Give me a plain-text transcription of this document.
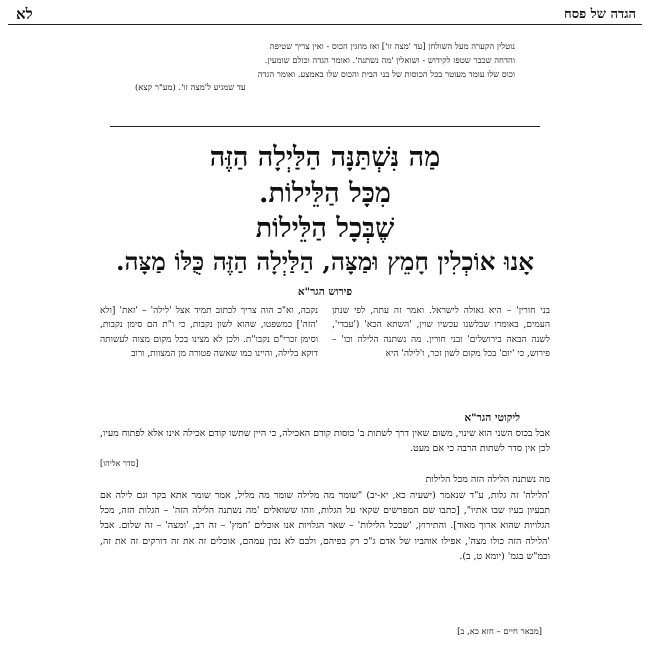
הגדה של פסח
לא

נוטלין הקערה מעל השולחן [עד 'מצה זו'] ואז מוזגין הכוס - ואין צריך שטיפה

והדחה שכבר שטפו לקידוש - ושואלין 'מה נשתנה'. ואומר הגדה וכולם שומעין.

וכוס שלו עומד מעוטר בכל הכוסות של בני הבית והכוס שלו באמצע. ואומר הגדה

עד שמגיע ל'מצה זו'. (מע"ר קצא)

מַה נִּשְׁתַּנָּה הַלַּיְלָה הַזֶּה
מִכָּל הַלֵּילוֹת.
שֶׁבְּכָל הַלֵּילוֹת
אָנוּ אוֹכְלִין חָמֵץ וּמַצָּה, הַלַּיְלָה הַזֶּה כֻּלּוֹ מַצָּה.
פירוש הגר"א

בני חורין' – היא גאולה לישראל. ואמר זה עתה, לפי שנתן העמים, באומרו שבלשנו עכשיו שוין, 'השתא הכא' ('עבדי', לשנה הבאה בירושלים' ובני חורין. מה נשתנה הלילה וכו' – פירוש, כי 'יום' בכל מקום לשון זכר, ו'לילה' היא

נקבה, וא"כ הוה צריך לכתוב תמיד אצל 'לילה' – 'זאת' [ולא 'הזה'] כמשפטו, שהוא לשון נקבות, כי ו"ת הם סימן נקבות, וסימן זכרי"ם נקבו"ת. ולכן לא מצינו בכל מקום מצוה לעשותה דוקא בלילה, והיינו כמו שאשה פטורה מן המצוות, ורוב

ליקוטי הגר"א

אבל בכוס השני הוא שינוי, משום שאין דרך לשתות ב' כוסות קודם האכילה, כי היין שתשו קודם אכילה אינו אלא לפתוח מעיו, לכן אין סדר לשתות הרבה כי אם מעט.

[סדר אליהו]

מה נשתנה הלילה הזה מכל הלילות

'הלילה' זה גלות, ע"ד שנאמר (ישעיה כא, יא-יב) "שומר מה מלילה שומר מה מליל, אמר שומר אתא בקר וגם לילה אם תבעיון בעיו שבו אתיו", [כתבו שם המפרשים שקאי על הגלות, וזהו ששואלים 'מה נשתנה הלילה הזה' – הגלות הזה, מכל הגלויות שהוא ארוך מאוד]. והתירוץ, 'שבכל הלילות' – שאר הגלויות אנו אוכלים 'חמץ' – זה רב, 'ומצה' – זה שלום. אבל 'הלילה הזה כולו מצה', אפילו אוהביו של אדם ג"כ רק בפיהם, ולבם לא נכון עמהם, אוכלים זה את זה דורקים זה את זה, וכמ"ש בגמ' (יומא ט, ב).

[מבאר חיים – חזא כא, ב]
